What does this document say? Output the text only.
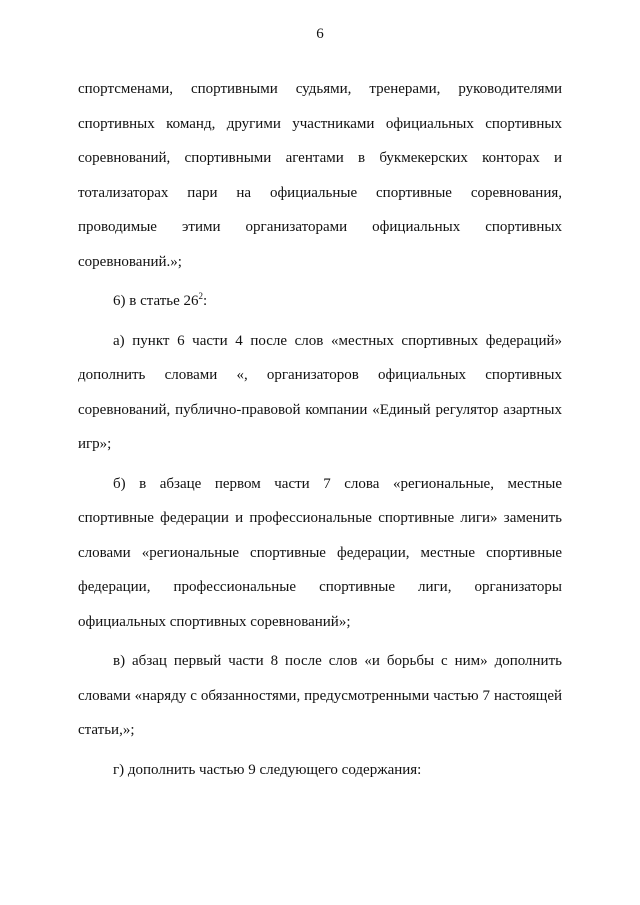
6

спортсменами, спортивными судьями, тренерами, руководителями спортивных команд, другими участниками официальных спортивных соревнований, спортивными агентами в букмекерских конторах и тотализаторах пари на официальные спортивные соревнования, проводимые этими организаторами официальных спортивных соревнований.»;

6) в статье $26^2$:

а) пункт 6 части 4 после слов «местных спортивных федераций» дополнить словами «, организаторов официальных спортивных соревнований, публично-правовой компании «Единый регулятор азартных игр»;

б) в абзаце первом части 7 слова «региональные, местные спортивные федерации и профессиональные спортивные лиги» заменить словами «региональные спортивные федерации, местные спортивные федерации, профессиональные спортивные лиги, организаторы официальных спортивных соревнований»;

в) абзац первый части 8 после слов «и борьбы с ним» дополнить словами «наряду с обязанностями, предусмотренными частью 7 настоящей статьи,»;

г) дополнить частью 9 следующего содержания:
